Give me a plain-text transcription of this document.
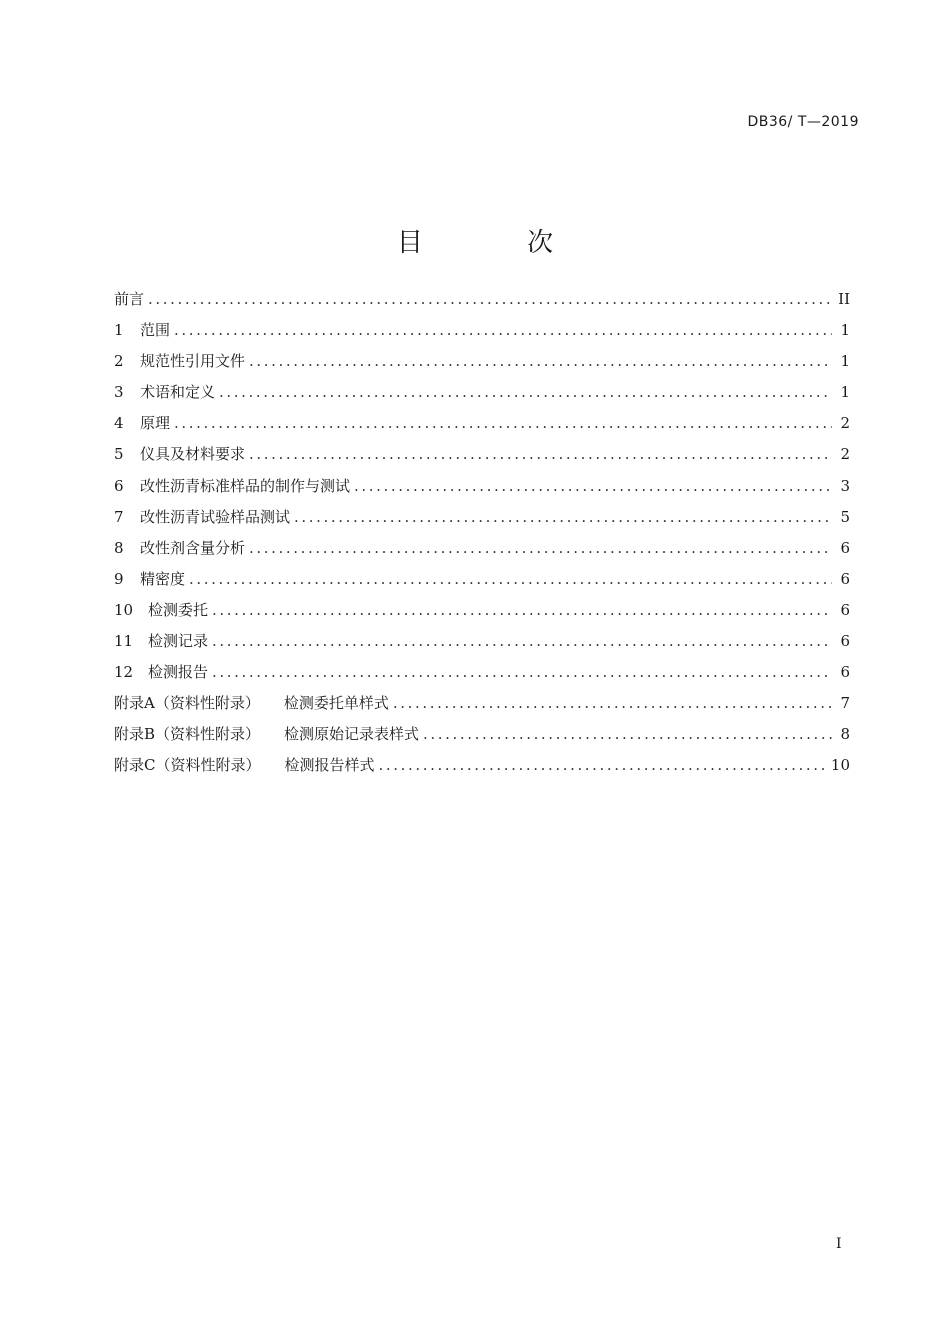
DB36/ T—2019
目 次
前言 .....	II
1	范围 .....	1
2	规范性引用文件 .....	1
3	术语和定义 .....	1
4	原理 .....	2
5	仪具及材料要求 .....	2
6	改性沥青标准样品的制作与测试 .....	3
7	改性沥青试验样品测试 .....	5
8	改性剂含量分析 .....	6
9	精密度 .....	6
10 检测委托 .....	6
11 检测记录 .....	6
12 检测报告 .....	6
附录A（资料性附录） 检测委托单样式 .....	7
附录B（资料性附录） 检测原始记录表样式 .....	8
附录C（资料性附录） 检测报告样式 .....	10
I
